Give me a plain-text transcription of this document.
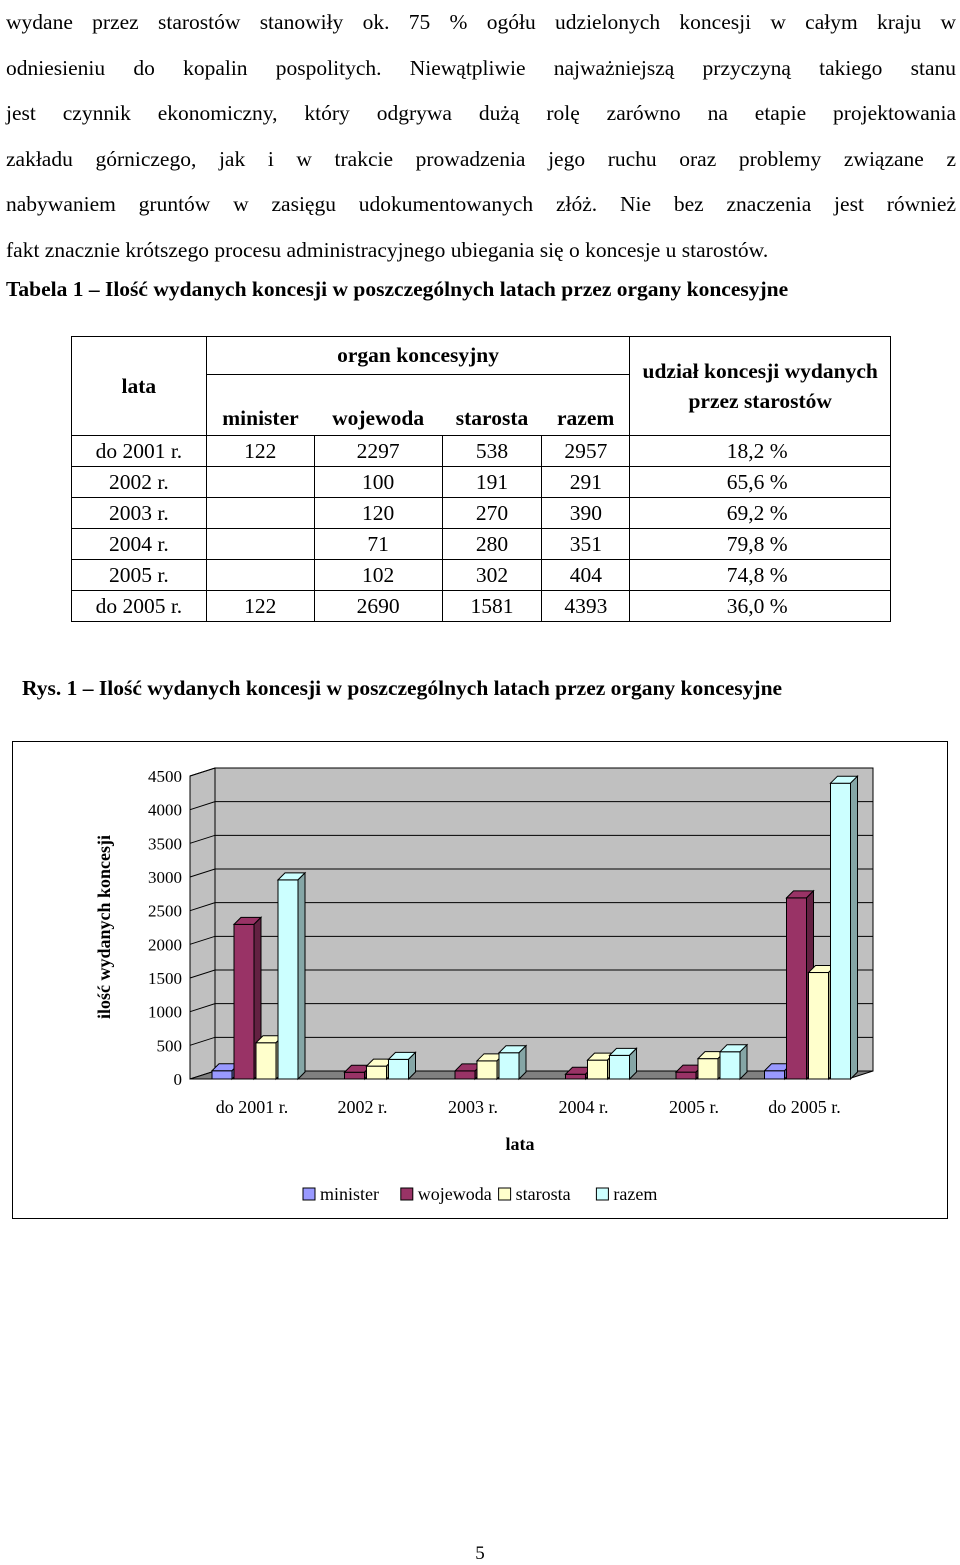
wydane przez starostów stanowiły ok. 75 % ogółu udzielonych koncesji w całym kraju w
odniesieniu do kopalin pospolitych. Niewątpliwie najważniejszą przyczyną takiego stanu
jest czynnik ekonomiczny, który odgrywa dużą rolę zarówno na etapie projektowania
zakładu górniczego, jak i w trakcie prowadzenia jego ruchu oraz problemy związane z
nabywaniem gruntów w zasięgu udokumentowanych złóż. Nie bez znaczenia jest również
fakt znacznie krótszego procesu administracyjnego ubiegania się o koncesje u starostów.

Tabela 1 – Ilość wydanych koncesji w poszczególnych latach przez organy koncesyjne

lata	organ koncesyjny				udział koncesji wydanych przez starostów
	minister	wojewoda	starosta	razem	
do 2001 r.	122	2297	538	2957	18,2 %
2002 r.		100	191	291	65,6 %
2003 r.		120	270	390	69,2 %
2004 r.		71	280	351	79,8 %
2005 r.		102	302	404	74,8 %
do 2005 r.	122	2690	1581	4393	36,0 %

Rys. 1 – Ilość wydanych koncesji w poszczególnych latach przez organy koncesyjne

0
500
1000
1500
2000
2500
3000
3500
4000
4500
do 2001 r.	2002 r.	2003 r.	2004 r.	2005 r.	do 2005 r.
lata
ilość wydanych koncesji
minister wojewoda starosta razem
5
